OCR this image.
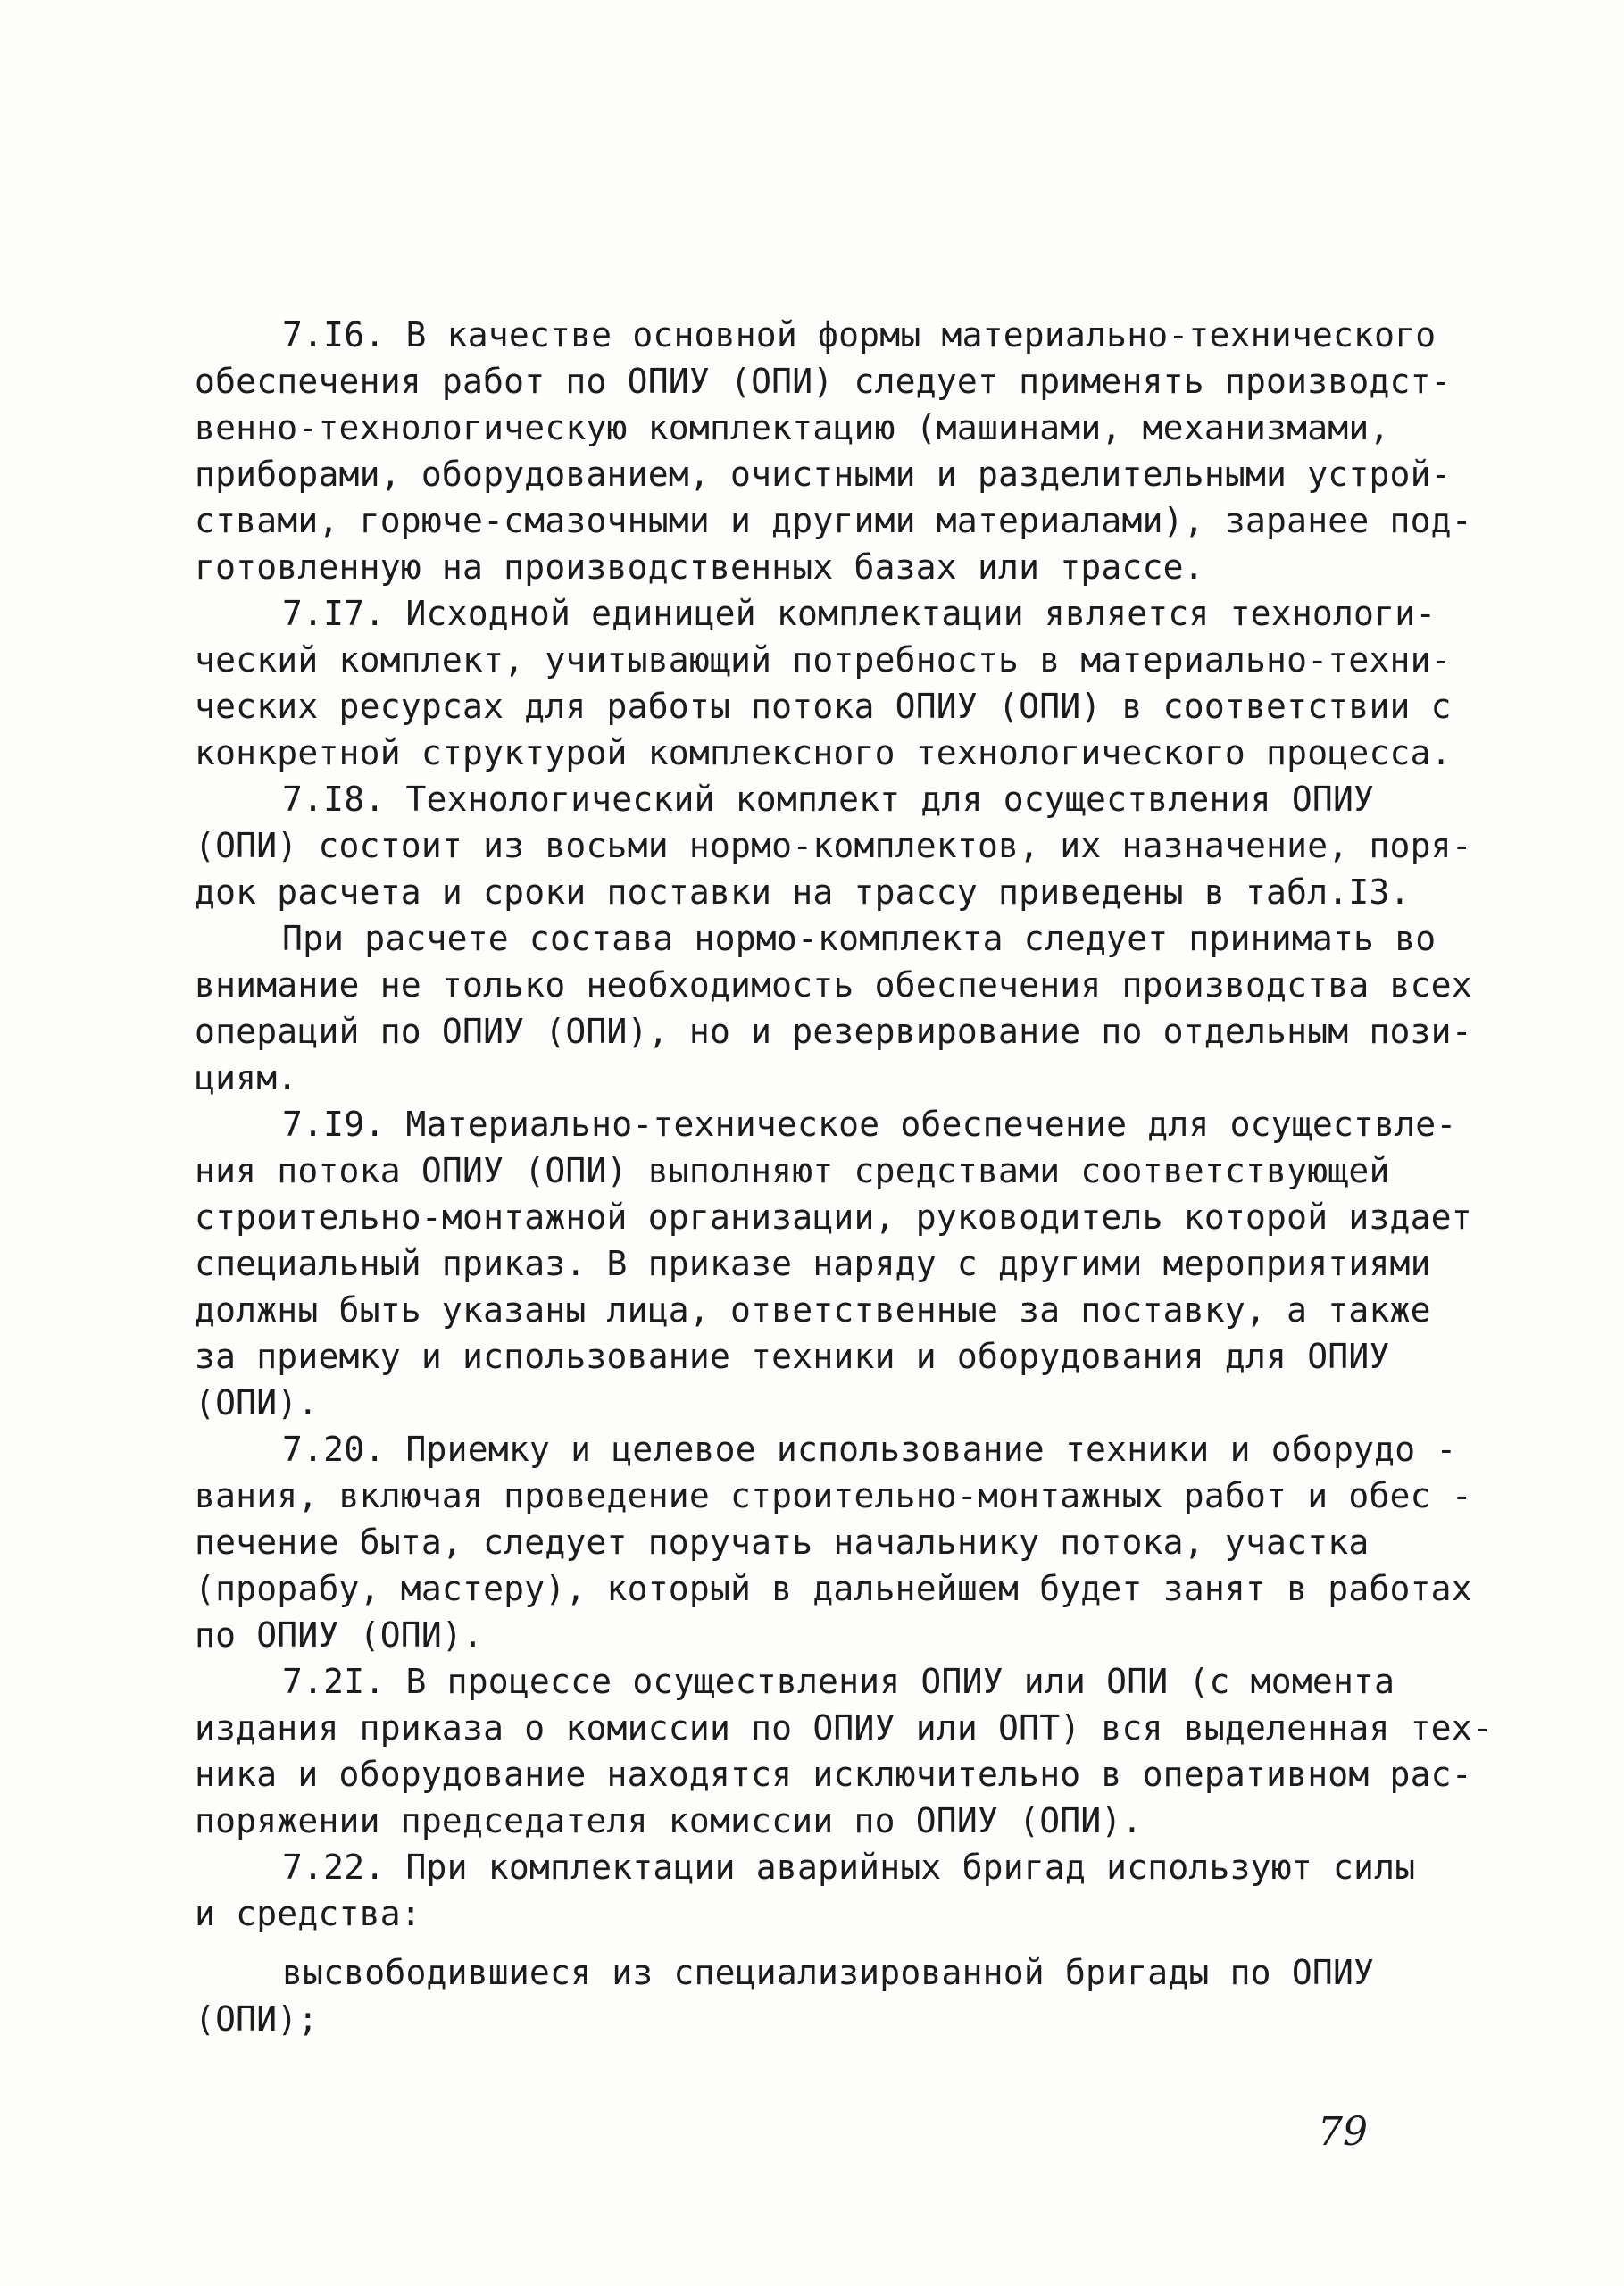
7.I6. В качестве основной формы материально-технического
обеспечения работ по ОПИУ (ОПИ) следует применять производст-
венно-технологическую комплектацию (машинами, механизмами,
приборами, оборудованием, очистными и разделительными устрой-
ствами, горюче-смазочными и другими материалами), заранее под-
готовленную на производственных базах или трассе.
7.I7. Исходной единицей комплектации является технологи-
ческий комплект, учитывающий потребность в материально-техни-
ческих ресурсах для работы потока ОПИУ (ОПИ) в соответствии с
конкретной структурой комплексного технологического процесса.
7.I8. Технологический комплект для осуществления ОПИУ
(ОПИ) состоит из восьми нормо-комплектов, их назначение, поря-
док расчета и сроки поставки на трассу приведены в табл.I3.
При расчете состава нормо-комплекта следует принимать во
внимание не только необходимость обеспечения производства всех
операций по ОПИУ (ОПИ), но и резервирование по отдельным пози-
циям.
7.I9. Материально-техническое обеспечение для осуществле-
ния потока ОПИУ (ОПИ) выполняют средствами соответствующей
строительно-монтажной организации, руководитель которой издает
специальный приказ. В приказе наряду с другими мероприятиями
должны быть указаны лица, ответственные за поставку, а также
за приемку и использование техники и оборудования для ОПИУ
(ОПИ).
7.20. Приемку и целевое использование техники и оборудо -
вания, включая проведение строительно-монтажных работ и обес -
печение быта, следует поручать начальнику потока, участка
(прорабу, мастеру), который в дальнейшем будет занят в работах
по ОПИУ (ОПИ).
7.2I. В процессе осуществления ОПИУ или ОПИ (с момента
издания приказа о комиссии по ОПИУ или ОПТ) вся выделенная тех-
ника и оборудование находятся исключительно в оперативном рас-
поряжении председателя комиссии по ОПИУ (ОПИ).
7.22. При комплектации аварийных бригад используют силы
и средства:
высвободившиеся из специализированной бригады по ОПИУ
(ОПИ);
79
